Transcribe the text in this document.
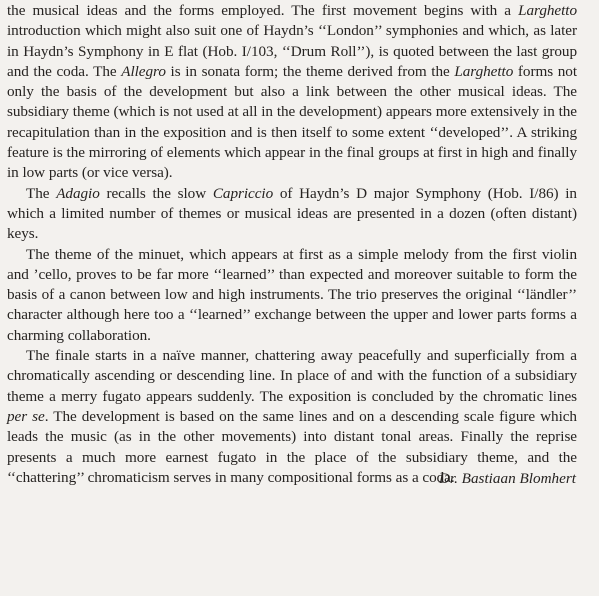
the musical ideas and the forms employed. The first movement begins with a Larghetto introduction which might also suit one of Haydn’s ‘‘London’’ symphonies and which, as later in Haydn’s Symphony in E flat (Hob. I/103, ‘‘Drum Roll’’), is quoted between the last group and the coda. The Allegro is in sonata form; the theme derived from the Larghetto forms not only the basis of the development but also a link between the other musical ideas. The subsidiary theme (which is not used at all in the development) appears more extensively in the recapitulation than in the exposition and is then itself to some extent ‘‘developed’’. A striking feature is the mirroring of elements which appear in the final groups at first in high and finally in low parts (or vice versa).

The Adagio recalls the slow Capriccio of Haydn’s D major Symphony (Hob. I/86) in which a limited number of themes or musical ideas are presented in a dozen (often distant) keys.

The theme of the minuet, which appears at first as a simple melody from the first violin and ’cello, proves to be far more ‘‘learned’’ than expected and moreover suitable to form the basis of a canon between low and high instruments. The trio preserves the original ‘‘ländler’’ character although here too a ‘‘learned’’ exchange between the upper and lower parts forms a charming collaboration.

The finale starts in a naïve manner, chattering away peacefully and superficially from a chromatically ascending or descending line. In place of and with the function of a subsidiary theme a merry fugato appears suddenly. The exposition is concluded by the chromatic lines per se. The development is based on the same lines and on a descending scale figure which leads the music (as in the other movements) into distant tonal areas. Finally the reprise presents a much more earnest fugato in the place of the subsidiary theme, and the ‘‘chattering’’ chromaticism serves in many compositional forms as a coda.

Dr. Bastiaan Blomhert
